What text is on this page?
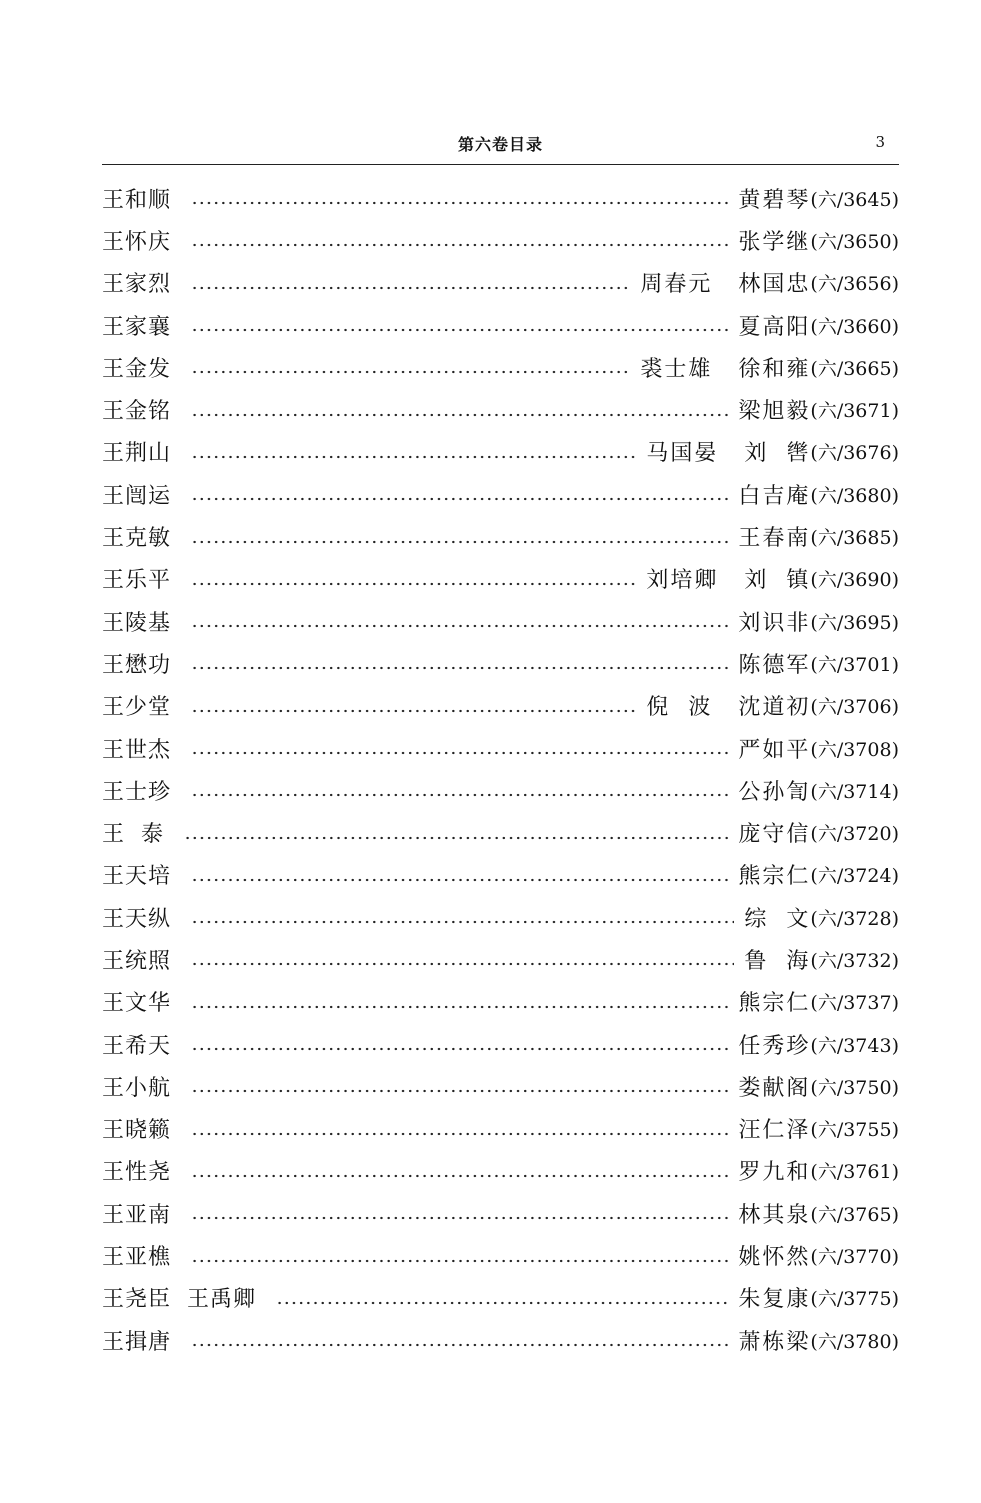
第六卷目录	3
王和顺	黄碧琴 (六/3645)
王怀庆	张学继 (六/3650)
王家烈	周春元 林国忠 (六/3656)
王家襄	夏高阳 (六/3660)
王金发	裘士雄 徐和雍 (六/3665)
王金铭	梁旭毅 (六/3671)
王荆山	马国晏 刘  辔 (六/3676)
王闿运	白吉庵 (六/3680)
王克敏	王春南 (六/3685)
王乐平	刘培卿 刘  镇 (六/3690)
王陵基	刘识非 (六/3695)
王懋功	陈德军 (六/3701)
王少堂	倪  波 沈道初 (六/3706)
王世杰	严如平 (六/3708)
王士珍	公孙訇 (六/3714)
王  泰	庞守信 (六/3720)
王天培	熊宗仁 (六/3724)
王天纵	综  文 (六/3728)
王统照	鲁  海 (六/3732)
王文华	熊宗仁 (六/3737)
王希天	任秀珍 (六/3743)
王小航	娄献阁 (六/3750)
王晓籁	汪仁泽 (六/3755)
王性尧	罗九和 (六/3761)
王亚南	林其泉 (六/3765)
王亚樵	姚怀然 (六/3770)
王尧臣  王禹卿	朱复康 (六/3775)
王揖唐	萧栋梁 (六/3780)
